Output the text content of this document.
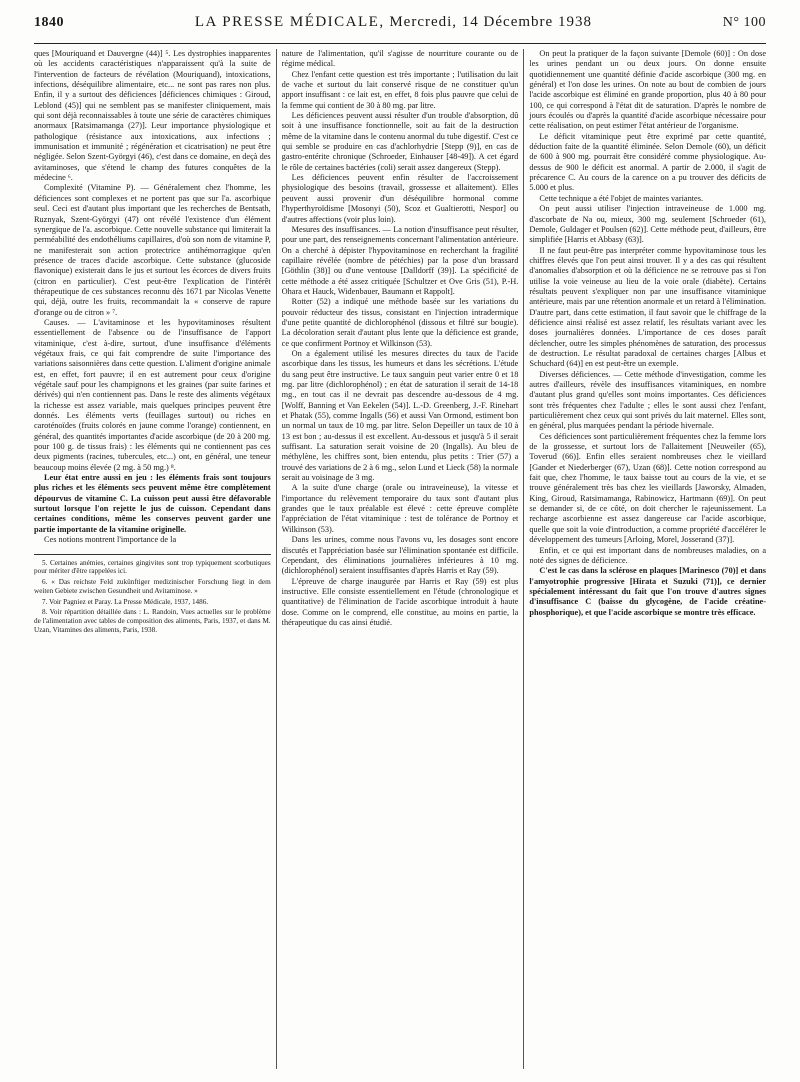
1840	LA PRESSE MÉDICALE, Mercredi, 14 Décembre 1938	N° 100

ques [Mouriquand et Dauvergne (44)] ⁵. Les dystrophies inapparentes où les accidents caractéristiques n'apparaissent qu'à la suite de l'intervention de facteurs de révélation (Mouriquand), intoxications, infections, déséquilibre alimentaire, etc... ne sont pas rares non plus. Enfin, il y a surtout des déficiences [déficiences chimiques : Giroud, Leblond (45)] qui ne semblent pas se manifester cliniquement, mais qui sont déjà reconnaissables à toute une série de caractères chimiques anormaux [Ratsimamanga (27)]. Leur importance physiologique et pathologique (résistance aux intoxications, aux infections ; immunisation et immunité ; régénération et cicatrisation) ne peut être négligée. Selon Szent-Györgyi (46), c'est dans ce domaine, en deçà des avitaminoses, que s'étend le champ des futures conquêtes de la médecine ⁶.

Complexité (Vitamine P). — Généralement chez l'homme, les déficiences sont complexes et ne portent pas que sur l'a. ascorbique seul. Ceci est d'autant plus important que les recherches de Bentsath, Ruznyak, Szent-Györgyi (47) ont révélé l'existence d'un élément synergique de l'a. ascorbique. Cette nouvelle substance qui limiterait la perméabilité des endothéliums capillaires, d'où son nom de vitamine P, ne manifesterait son action protectrice antihémorragique qu'en présence de traces d'acide ascorbique. Cette substance (glucoside flavonique) existerait dans le jus et surtout les écorces de divers fruits (citron en particulier). C'est peut-être l'explication de l'intérêt thérapeutique de ces substances reconnu dès 1671 par Nicolas Venette qui, déjà, outre les fruits, recommandait la « conserve de rapure d'orange ou de citron » ⁷.

Causes. — L'avitaminose et les hypovitaminoses résultent essentiellement de l'absence ou de l'insuffisance de l'apport vitaminique, c'est à-dire, surtout, d'une insuffisance d'éléments végétaux frais, ce qui fait comprendre de suite l'importance des variations saisonnières dans cette question. L'aliment d'origine animale est, en effet, fort pauvre; il en est autrement pour ceux d'origine végétale sauf pour les champignons et les graines (par suite farines et dérivés) qui n'en contiennent pas. Dans le reste des aliments végétaux la richesse est assez variable, mais quelques principes peuvent être donnés. Les éléments verts (feuillages surtout) ou riches en caroténoïdes (fruits colorés en jaune comme l'orange) contiennent, en général, des quantités importantes d'acide ascorbique (de 20 à 200 mg. pour 100 g. de tissus frais) : les éléments qui ne contiennent pas ces deux pigments (racines, tubercules, etc...) ont, en général, une teneur beaucoup moins élevée (2 mg. à 50 mg.) ⁸.

Leur état entre aussi en jeu : les éléments frais sont toujours plus riches et les éléments secs peuvent même être complètement dépourvus de vitamine C. La cuisson peut aussi être défavorable surtout lorsque l'on rejette le jus de cuisson. Cependant dans certaines conditions, même les conserves peuvent garder une partie importante de la vitamine originelle.

Ces notions montrent l'importance de la

5. Certaines anémies, certaines gingivites sont trop typiquement scorbutiques pour mériter d'être rappelées ici.

6. « Das reichste Feld zukünftiger medizinischer Forschung liegt in dem weiten Gebiete zwischen Gesundheit und Avitaminose. »

7. Voir Pagniez et Paray. La Presse Médicale, 1937, 1486.

8. Voir répartition détaillée dans : L. Randoin, Vues actuelles sur le problème de l'alimentation avec tables de composition des aliments, Paris, 1937, et dans M. Uzan, Vitamines des aliments, Paris, 1938.

nature de l'alimentation, qu'il s'agisse de nourriture courante ou de régime médical.

Chez l'enfant cette question est très importante ; l'utilisation du lait de vache et surtout du lait conservé risque de ne constituer qu'un apport insuffisant : ce lait est, en effet, 8 fois plus pauvre que celui de la femme qui contient de 30 à 80 mg. par litre.

Les déficiences peuvent aussi résulter d'un trouble d'absorption, dû soit à une insuffisance fonctionnelle, soit au fait de la destruction même de la vitamine dans le contenu anormal du tube digestif. C'est ce qui semble se produire en cas d'achlorhydrie [Stepp (9)], en cas de gastro-entérite chronique (Schroeder, Einhauser [48-49]). A cet égard le rôle de certaines bactéries (coli) serait assez dangereux (Stepp).

Les déficiences peuvent enfin résulter de l'accroissement physiologique des besoins (travail, grossesse et allaitement). Elles peuvent aussi provenir d'un déséquilibre hormonal comme l'hyperthyroïdisme [Mosonyi (50), Scoz et Gualtierotti, Nespor] ou d'autres affections (voir plus loin).

Mesures des insuffisances. — La notion d'insuffisance peut résulter, pour une part, des renseignements concernant l'alimentation antérieure. On a cherché à dépister l'hypovitaminose en recherchant la fragilité capillaire révélée (nombre de pétéchies) par la pose d'un brassard [Göthlin (38)] ou d'une ventouse [Dalldorff (39)]. La spécificité de cette méthode a été assez critiquée [Schultzer et Ove Gris (51), P.-H. Ohara et Hauck, Widenbauer, Baumann et Rappolt].

Rotter (52) a indiqué une méthode basée sur les variations du pouvoir réducteur des tissus, consistant en l'injection intradermique d'une petite quantité de dichlorophénol (dissous et filtré sur bougie). La décoloration serait d'autant plus lente que la déficience est grande, ce que confirment Portnoy et Wilkinson (53).

On a également utilisé les mesures directes du taux de l'acide ascorbique dans les tissus, les humeurs et dans les sécrétions. L'étude du sang peut être instructive. Le taux sanguin peut varier entre 0 et 18 mg. par litre (dichlorophénol) ; en état de saturation il serait de 14-18 mg., en tout cas il ne devrait pas descendre au-dessous de 4 mg. [Wolff, Banning et Van Eekelen (54)]. L.-D. Greenberg, J.-F. Rinehart et Phatak (55), comme Ingalls (56) et aussi Van Ormond, estiment bon un normal un taux de 10 mg. par litre. Selon Depeiller un taux de 10 à 13 est bon ; au-dessus il est excellent. Au-dessous et jusqu'à 5 il serait suffisant. La saturation serait voisine de 20 (Ingalls). Au bleu de méthylène, les chiffres sont, bien entendu, plus petits : Trier (57) a trouvé des variations de 2 à 6 mg., selon Lund et Lieck (58) la normale serait au voisinage de 3 mg.

A la suite d'une charge (orale ou intraveineuse), la vitesse et l'importance du relèvement temporaire du taux sont d'autant plus grandes que le taux préalable est élevé : cette épreuve complète l'appréciation de l'état vitaminique : test de tolérance de Portnoy et Wilkinson (53).

Dans les urines, comme nous l'avons vu, les dosages sont encore discutés et l'appréciation basée sur l'élimination spontanée est difficile. Cependant, des éliminations journalières inférieures à 10 mg. (dichlorophénol) seraient insuffisantes d'après Harris et Ray (59).

L'épreuve de charge inaugurée par Harris et Ray (59) est plus instructive. Elle consiste essentiellement en l'étude (chronologique et quantitative) de l'élimination de l'acide ascorbique introduit à haute dose. Comme on le comprend, elle constitue, au moins en partie, la thérapeutique du cas ainsi étudié.

On peut la pratiquer de la façon suivante [Demole (60)] : On dose les urines pendant un ou deux jours. On donne ensuite quotidiennement une quantité définie d'acide ascorbique (300 mg. en général) et l'on dose les urines. On note au bout de combien de jours l'acide ascorbique est éliminé en grande proportion, plus 40 à 80 pour 100, ce qui correspond à l'état dit de saturation. D'après le nombre de jours écoulés ou d'après la quantité d'acide ascorbique nécessaire pour cette réalisation, on peut estimer l'état antérieur de l'organisme.

Le déficit vitaminique peut être exprimé par cette quantité, déduction faite de la quantité éliminée. Selon Demole (60), un déficit de 600 à 900 mg. pourrait être considéré comme physiologique. Au-dessus de 900 le déficit est anormal. A partir de 2.000, il s'agit de précarence C. Au cours de la carence on a pu trouver des déficits de 5.000 et plus.

Cette technique a été l'objet de maintes variantes.

On peut aussi utiliser l'injection intraveineuse de 1.000 mg. d'ascorbate de Na ou, mieux, 300 mg. seulement [Schroeder (61), Demole, Guldager et Poulsen (62)]. Cette méthode peut, d'ailleurs, être simplifiée [Harris et Abbasy (63)].

Il ne faut peut-être pas interpréter comme hypovitaminose tous les chiffres élevés que l'on peut ainsi trouver. Il y a des cas qui résultent d'anomalies d'absorption et où la déficience ne se retrouve pas si l'on utilise la voie veineuse au lieu de la voie orale (diabète). Certains résultats peuvent s'expliquer non par une insuffisance vitaminique antérieure, mais par une rétention anormale et un retard à l'élimination. D'autre part, dans cette estimation, il faut savoir que le chiffrage de la déficience ainsi réalisé est assez relatif, les résultats variant avec les doses journalières données. L'importance de ces doses paraît déclencher, outre les simples phénomènes de saturation, des processus de destruction. Le résultat paradoxal de certaines charges [Albus et Schuchard (64)] en est peut-être un exemple.

Diverses déficiences. — Cette méthode d'investigation, comme les autres d'ailleurs, révèle des insuffisances vitaminiques, en nombre d'autant plus grand qu'elles sont moins importantes. Ces déficiences sont très fréquentes chez l'adulte ; elles le sont aussi chez l'enfant, particulièrement chez ceux qui sont privés du lait maternel. Elles sont, en général, plus marquées pendant la période hivernale.

Ces déficiences sont particulièrement fréquentes chez la femme lors de la grossesse, et surtout lors de l'allaitement [Neuweiler (65), Toverud (66)]. Enfin elles seraient nombreuses chez le vieillard [Gander et Niederberger (67), Uzan (68)]. Cette notion correspond au fait que, chez l'homme, le taux baisse tout au cours de la vie, et se trouve généralement très bas chez les vieillards [Jaworsky, Almaden, King, Giroud, Ratsimamanga, Rabinowicz, Hartmann (69)]. On peut se demander si, de ce côté, on doit chercher le rajeunissement. La recharge ascorbienne est assez dangereuse car l'acide ascorbique, quelle que soit la voie d'introduction, a comme propriété d'accélérer le développement des tumeurs [Arloing, Morel, Josserand (37)].

Enfin, et ce qui est important dans de nombreuses maladies, on a noté des signes de déficience.

C'est le cas dans la sclérose en plaques [Marinesco (70)] et dans l'amyotrophie progressive [Hirata et Suzuki (71)], ce dernier spécialement intéressant du fait que l'on trouve d'autres signes d'insuffisance C (baisse du glycogène, de l'acide créatine-phosphorique), et que l'acide ascorbique se montre très efficace.
